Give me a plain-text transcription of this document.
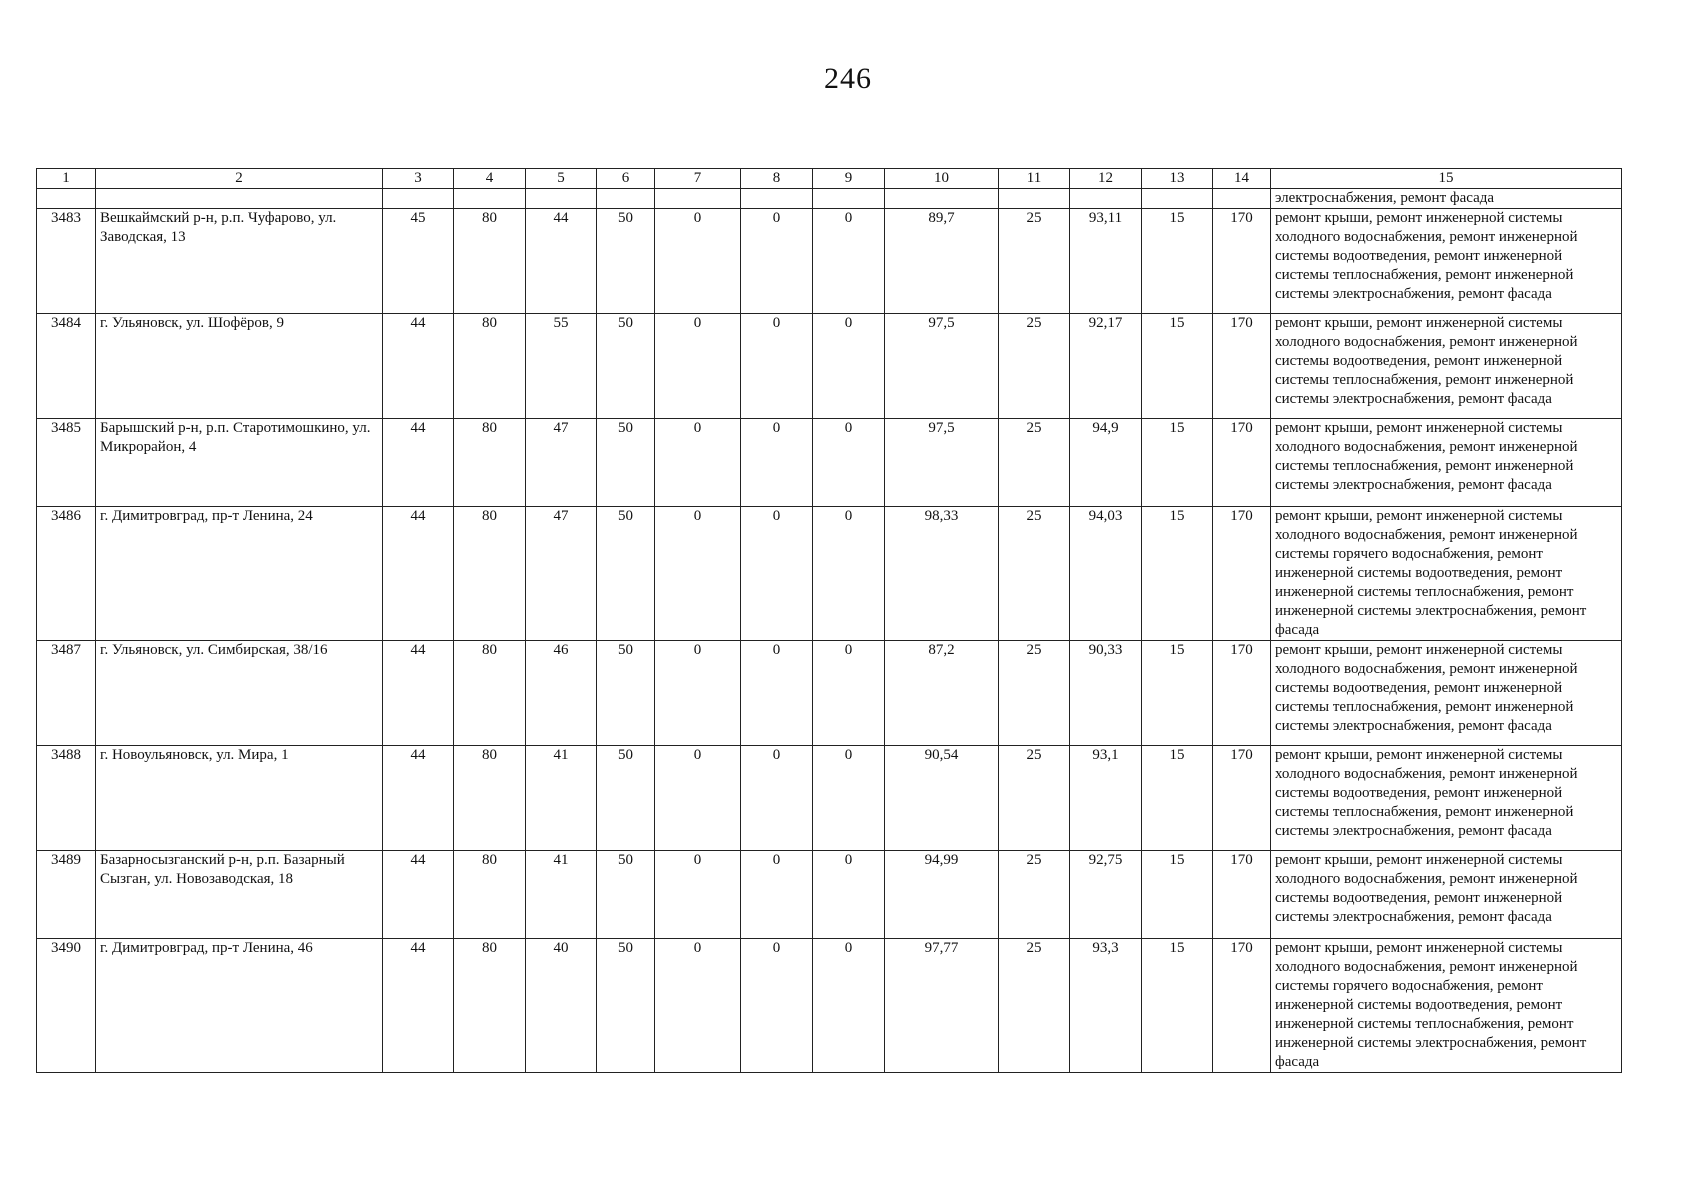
246
1	2	3	4	5	6	7	8	9	10	11	12	13	14	15
														электроснабжения, ремонт фасада
3483	Вешкаймский р-н, р.п. Чуфарово, ул. Заводская, 13	45	80	44	50	0	0	0	89,7	25	93,11	15	170	ремонт крыши, ремонт инженерной системы холодного водоснабжения, ремонт инженерной системы водоотведения, ремонт инженерной системы теплоснабжения, ремонт инженерной системы электроснабжения, ремонт фасада
3484	г. Ульяновск, ул. Шофёров, 9	44	80	55	50	0	0	0	97,5	25	92,17	15	170	ремонт крыши, ремонт инженерной системы холодного водоснабжения, ремонт инженерной системы водоотведения, ремонт инженерной системы теплоснабжения, ремонт инженерной системы электроснабжения, ремонт фасада
3485	Барышский р-н, р.п. Старотимошкино, ул. Микрорайон, 4	44	80	47	50	0	0	0	97,5	25	94,9	15	170	ремонт крыши, ремонт инженерной системы холодного водоснабжения, ремонт инженерной системы теплоснабжения, ремонт инженерной системы электроснабжения, ремонт фасада
3486	г. Димитровград, пр-т Ленина, 24	44	80	47	50	0	0	0	98,33	25	94,03	15	170	ремонт крыши, ремонт инженерной системы холодного водоснабжения, ремонт инженерной системы горячего водоснабжения, ремонт инженерной системы водоотведения, ремонт инженерной системы теплоснабжения, ремонт инженерной системы электроснабжения, ремонт фасада
3487	г. Ульяновск, ул. Симбирская, 38/16	44	80	46	50	0	0	0	87,2	25	90,33	15	170	ремонт крыши, ремонт инженерной системы холодного водоснабжения, ремонт инженерной системы водоотведения, ремонт инженерной системы теплоснабжения, ремонт инженерной системы электроснабжения, ремонт фасада
3488	г. Новоульяновск, ул. Мира, 1	44	80	41	50	0	0	0	90,54	25	93,1	15	170	ремонт крыши, ремонт инженерной системы холодного водоснабжения, ремонт инженерной системы водоотведения, ремонт инженерной системы теплоснабжения, ремонт инженерной системы электроснабжения, ремонт фасада
3489	Базарносызганский р-н, р.п. Базарный Сызган, ул. Новозаводская, 18	44	80	41	50	0	0	0	94,99	25	92,75	15	170	ремонт крыши, ремонт инженерной системы холодного водоснабжения, ремонт инженерной системы водоотведения, ремонт инженерной системы электроснабжения, ремонт фасада
3490	г. Димитровград, пр-т Ленина, 46	44	80	40	50	0	0	0	97,77	25	93,3	15	170	ремонт крыши, ремонт инженерной системы холодного водоснабжения, ремонт инженерной системы горячего водоснабжения, ремонт инженерной системы водоотведения, ремонт инженерной системы теплоснабжения, ремонт инженерной системы электроснабжения, ремонт фасада
